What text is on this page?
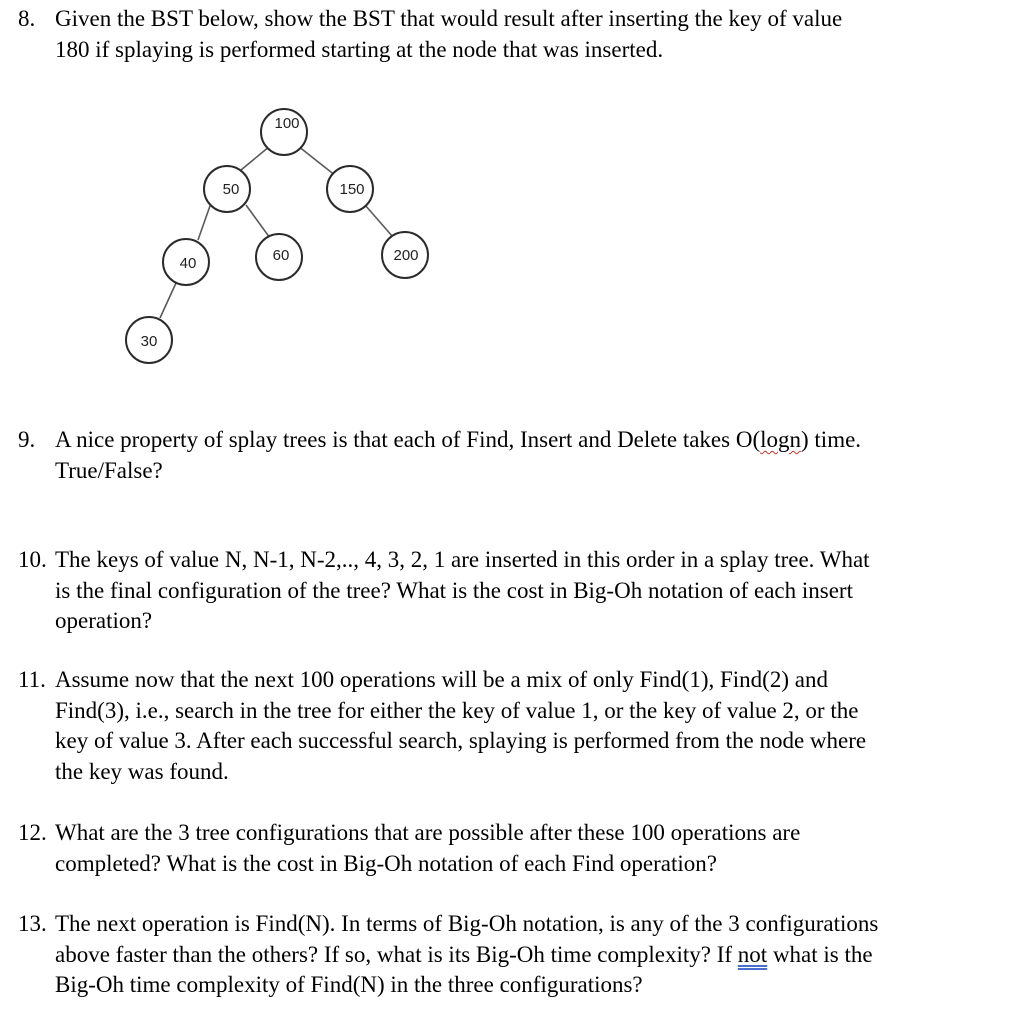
8. Given the BST below, show the BST that would result after inserting the key of value
180 if splaying is performed starting at the node that was inserted.
100
50	150
40	60	200
30
9. A nice property of splay trees is that each of Find, Insert and Delete takes O(logn) time.
True/False?
10. The keys of value N, N-1, N-2,.., 4, 3, 2, 1 are inserted in this order in a splay tree. What
is the final configuration of the tree? What is the cost in Big-Oh notation of each insert
operation?
11. Assume now that the next 100 operations will be a mix of only Find(1), Find(2) and
Find(3), i.e., search in the tree for either the key of value 1, or the key of value 2, or the
key of value 3. After each successful search, splaying is performed from the node where
the key was found.
12. What are the 3 tree configurations that are possible after these 100 operations are
completed? What is the cost in Big-Oh notation of each Find operation?
13. The next operation is Find(N). In terms of Big-Oh notation, is any of the 3 configurations
above faster than the others? If so, what is its Big-Oh time complexity? If not what is the
Big-Oh time complexity of Find(N) in the three configurations?
